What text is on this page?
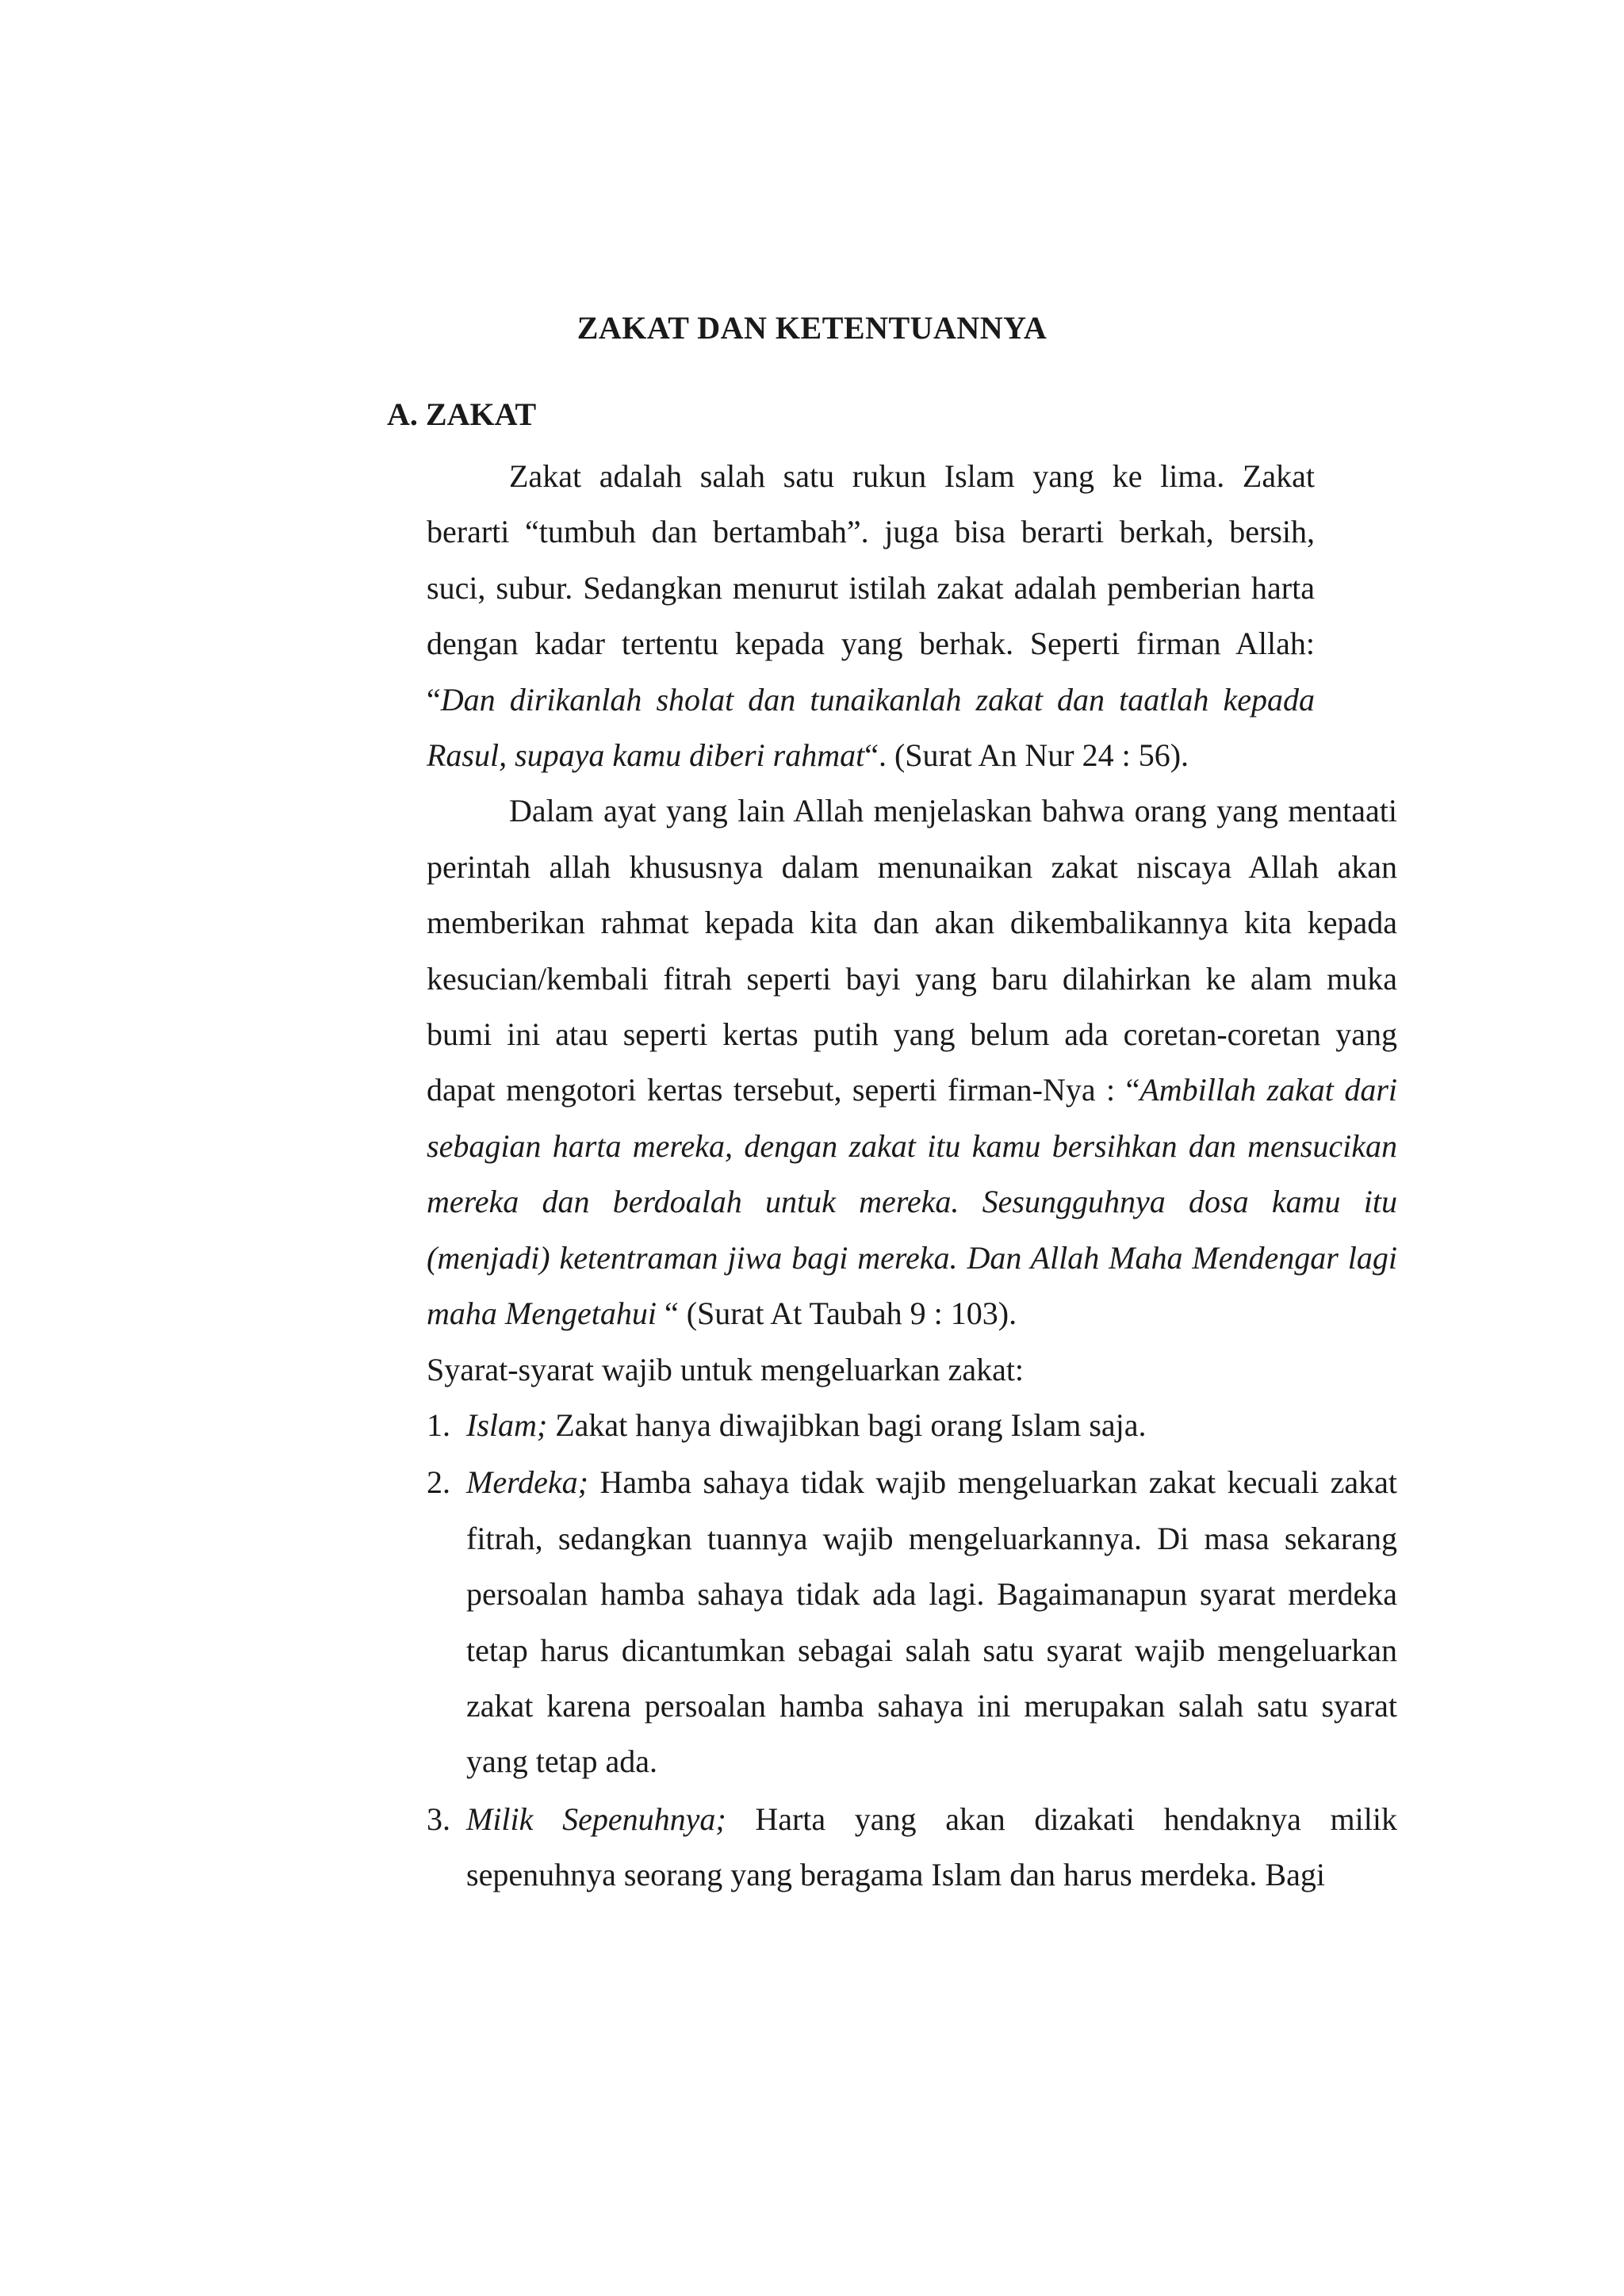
ZAKAT DAN KETENTUANNYA
A. ZAKAT

Zakat adalah salah satu rukun Islam yang ke lima. Zakat berarti “tumbuh dan bertambah”. juga bisa berarti berkah, bersih, suci, subur. Sedangkan menurut istilah zakat adalah pemberian harta dengan kadar tertentu kepada yang berhak. Seperti firman Allah: “Dan dirikanlah sholat dan tunaikanlah zakat dan taatlah kepada Rasul, supaya kamu diberi rahmat“. (Surat An Nur 24 : 56).

Dalam ayat yang lain Allah menjelaskan bahwa orang yang mentaati perintah allah khususnya dalam menunaikan zakat niscaya Allah akan memberikan rahmat kepada kita dan akan dikembalikannya kita kepada kesucian/kembali fitrah seperti bayi yang baru dilahirkan ke alam muka bumi ini atau seperti kertas putih yang belum ada coretan-coretan yang dapat mengotori kertas tersebut, seperti firman-Nya : “Ambillah zakat dari sebagian harta mereka, dengan zakat itu kamu bersihkan dan mensucikan mereka dan berdoalah untuk mereka. Sesungguhnya dosa kamu itu (menjadi) ketentraman jiwa bagi mereka. Dan Allah Maha Mendengar lagi maha Mengetahui “ (Surat At Taubah 9 : 103).

Syarat-syarat wajib untuk mengeluarkan zakat:

1. Islam; Zakat hanya diwajibkan bagi orang Islam saja.
2. Merdeka; Hamba sahaya tidak wajib mengeluarkan zakat kecuali zakat fitrah, sedangkan tuannya wajib mengeluarkannya. Di masa sekarang persoalan hamba sahaya tidak ada lagi. Bagaimanapun syarat merdeka tetap harus dicantumkan sebagai salah satu syarat wajib mengeluarkan zakat karena persoalan hamba sahaya ini merupakan salah satu syarat yang tetap ada.
3. Milik Sepenuhnya; Harta yang akan dizakati hendaknya milik sepenuhnya seorang yang beragama Islam dan harus merdeka. Bagi
